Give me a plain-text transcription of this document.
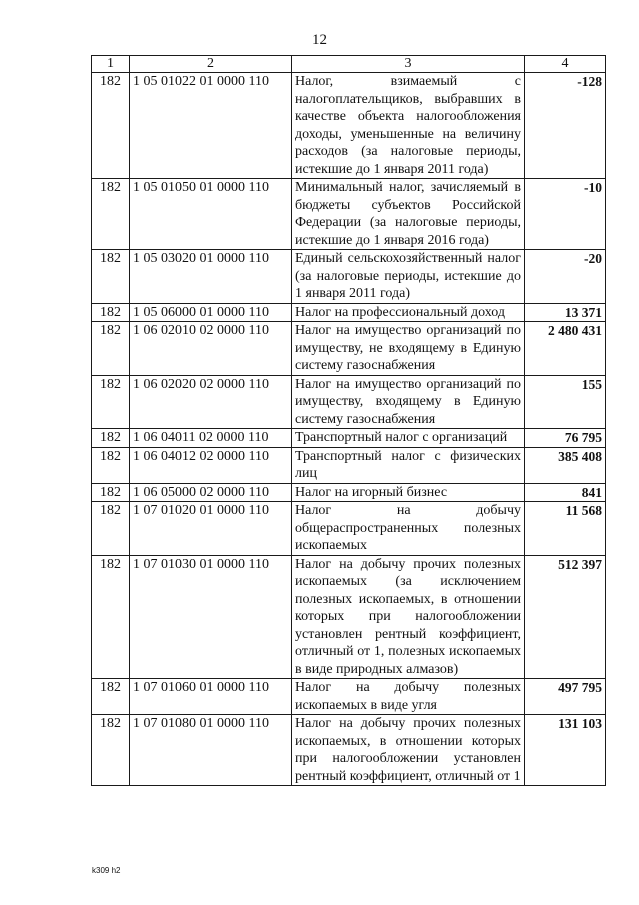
12
1	2	3	4
182	1 05 01022 01 0000 110	Налог, взимаемый с налогоплательщиков, выбравших в качестве объекта налогообложения доходы, уменьшенные на величину расходов (за налоговые периоды, истекшие до 1 января 2011 года)	-128
182	1 05 01050 01 0000 110	Минимальный налог, зачисляемый в бюджеты субъектов Российской Федерации (за налоговые периоды, истекшие до 1 января 2016 года)	-10
182	1 05 03020 01 0000 110	Единый сельскохозяйственный налог (за налоговые периоды, истекшие до 1 января 2011 года)	-20
182	1 05 06000 01 0000 110	Налог на профессиональный доход	13 371
182	1 06 02010 02 0000 110	Налог на имущество организаций по имуществу, не входящему в Единую систему газоснабжения	2 480 431
182	1 06 02020 02 0000 110	Налог на имущество организаций по имуществу, входящему в Единую систему газоснабжения	155
182	1 06 04011 02 0000 110	Транспортный налог с организаций	76 795
182	1 06 04012 02 0000 110	Транспортный налог с физических лиц	385 408
182	1 06 05000 02 0000 110	Налог на игорный бизнес	841
182	1 07 01020 01 0000 110	Налог на добычу общераспространенных полезных ископаемых	11 568
182	1 07 01030 01 0000 110	Налог на добычу прочих полезных ископаемых (за исключением полезных ископаемых, в отношении которых при налогообложении установлен рентный коэффициент, отличный от 1, полезных ископаемых в виде природных алмазов)	512 397
182	1 07 01060 01 0000 110	Налог на добычу полезных ископаемых в виде угля	497 795
182	1 07 01080 01 0000 110	Налог на добычу прочих полезных ископаемых, в отношении которых при налогообложении установлен рентный коэффициент, отличный от 1	131 103
k309 h2
